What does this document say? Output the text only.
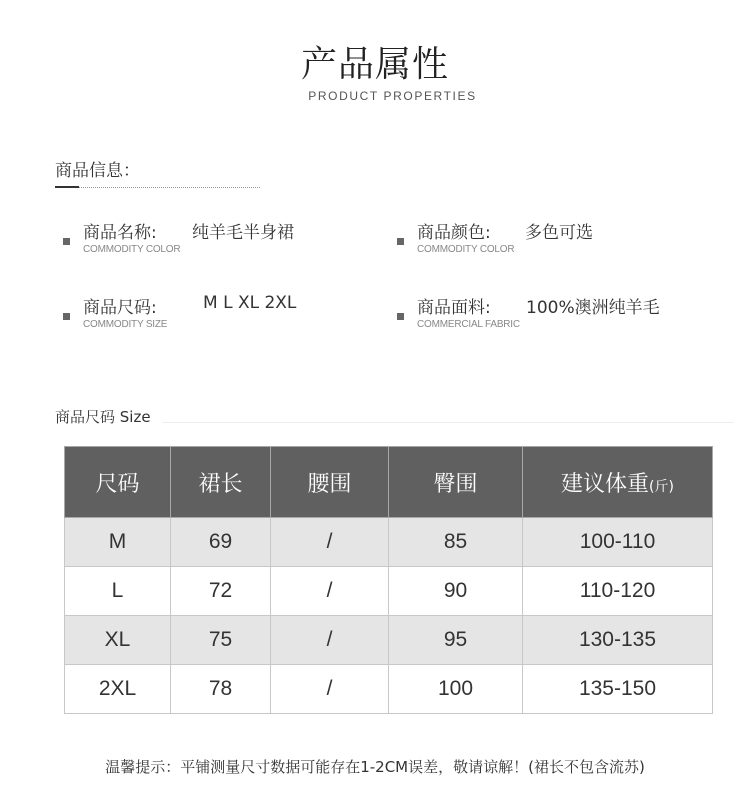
产品属性
PRODUCT PROPERTIES
商品信息：
商品名称:
COMMODITY COLOR
纯羊毛半身裙	商品颜色:
COMMODITY COLOR
多色可选
商品尺码:
COMMODITY SIZE
M L XL 2XL	商品面料:
COMMERCIAL FABRIC
100%澳洲纯羊毛
商品尺码 Size
尺码	裙长	腰围	臀围	建议体重(斤)
M	69	/	85	100-110
L	72	/	90	110-120
XL	75	/	95	130-135
2XL	78	/	100	135-150
温馨提示：平铺测量尺寸数据可能存在1-2CM误差，敬请谅解！(裙长不包含流苏)
